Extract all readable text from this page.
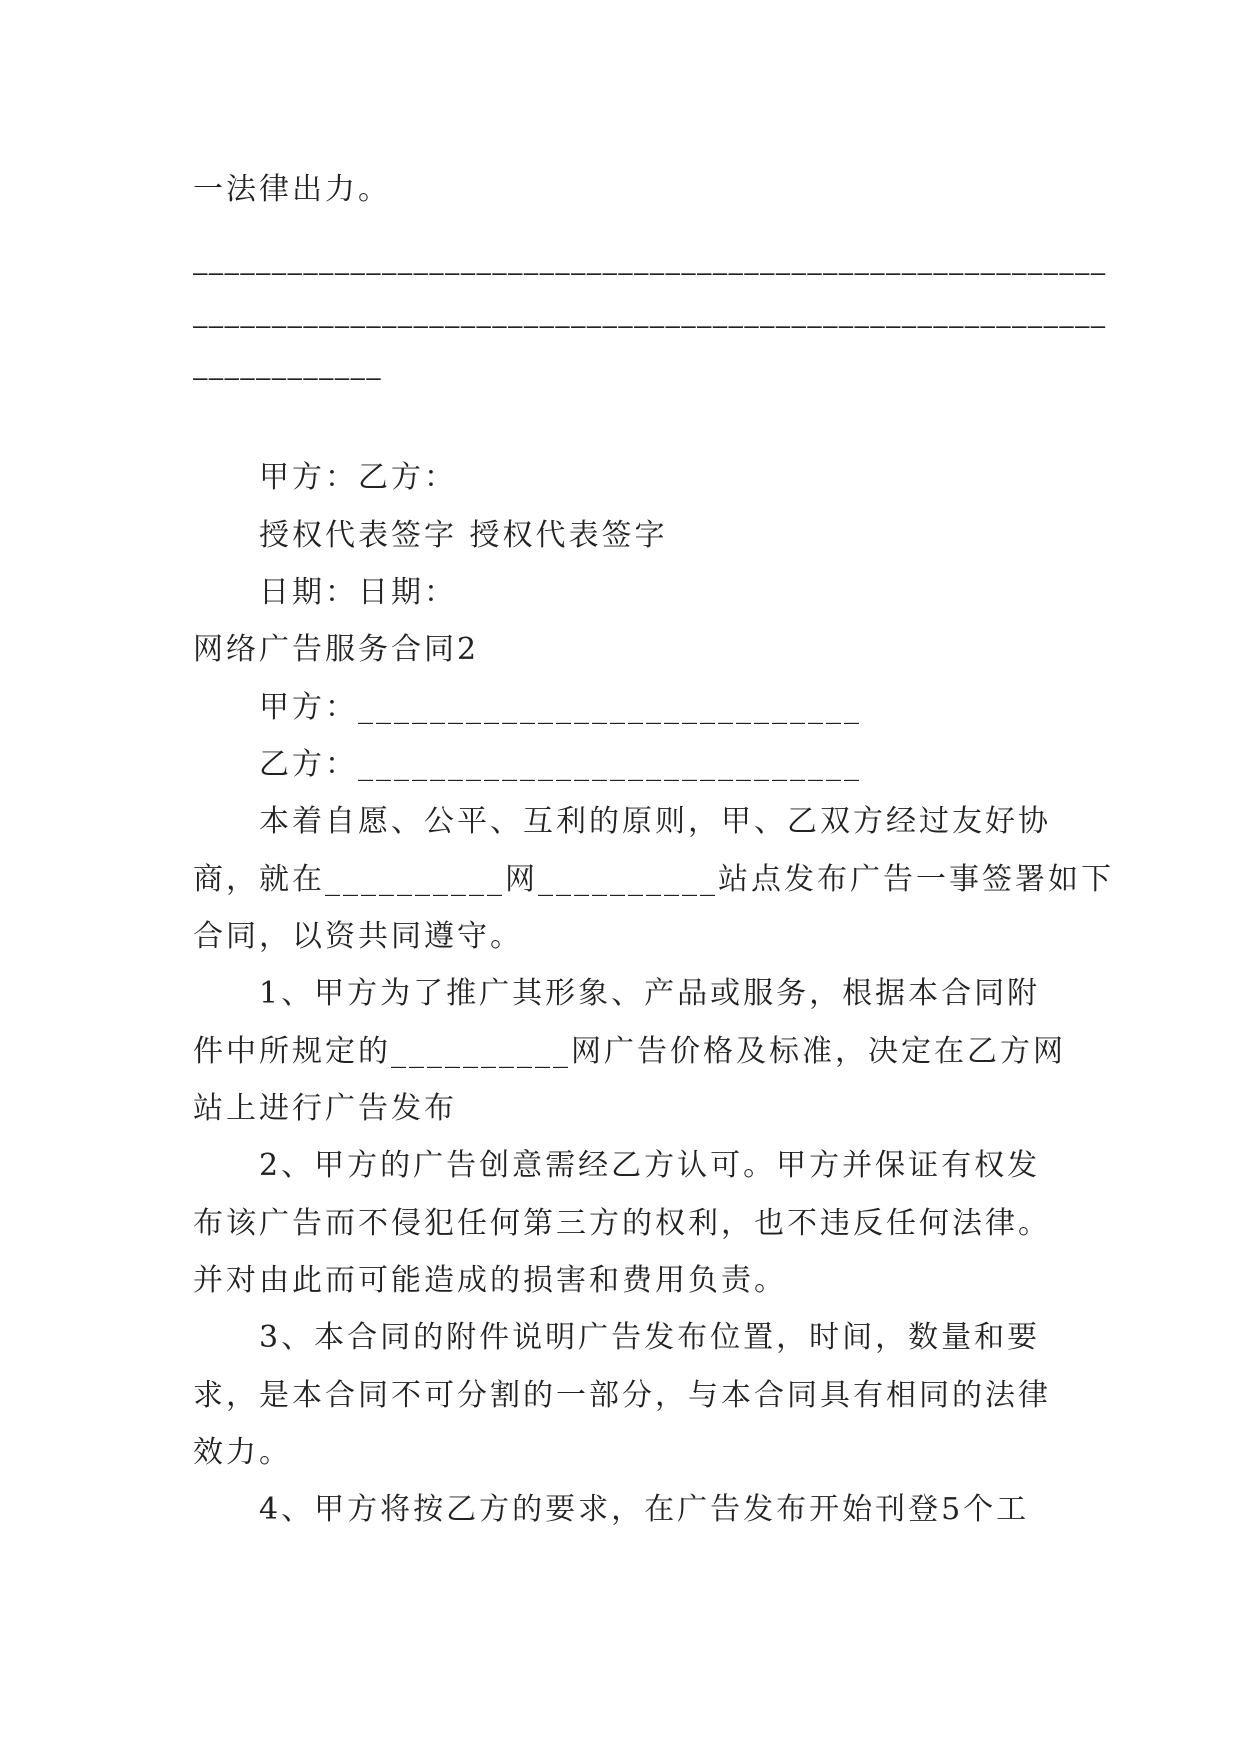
一法律出力。

——————————————————————————————————————————————————————————

——————————————————————————————————————————————————————————

————————————

甲方：乙方：

授权代表签字 授权代表签字

日期：日期：

网络广告服务合同2

甲方：____________________________

乙方：____________________________

本着自愿、公平、互利的原则，甲、乙双方经过友好协

商，就在__________网__________站点发布广告一事签署如下

合同，以资共同遵守。

1、甲方为了推广其形象、产品或服务，根据本合同附

件中所规定的__________网广告价格及标准，决定在乙方网

站上进行广告发布

2、甲方的广告创意需经乙方认可。甲方并保证有权发

布该广告而不侵犯任何第三方的权利，也不违反任何法律。

并对由此而可能造成的损害和费用负责。

3、本合同的附件说明广告发布位置，时间，数量和要

求，是本合同不可分割的一部分，与本合同具有相同的法律

效力。

4、甲方将按乙方的要求，在广告发布开始刊登5个工
